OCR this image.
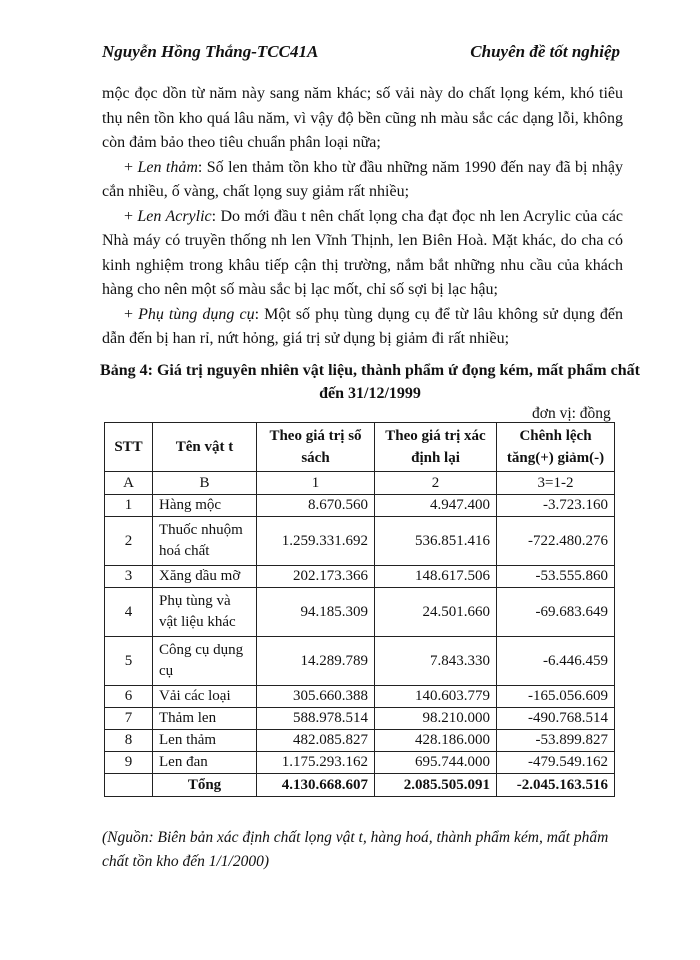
Nguyễn Hồng Thắng-TCC41A	Chuyên đề tốt nghiệp

mộc đọc dồn từ năm này sang năm khác; số vải này do chất lọng kém, khó tiêu thụ nên tồn kho quá lâu năm, vì vậy độ bền cũng nh màu sắc các dạng lỗi, không còn đảm bảo theo tiêu chuẩn phân loại nữa;

+ Len thảm: Số len thảm tồn kho từ đầu những năm 1990 đến nay đã bị nhậy cắn nhiều, ố vàng, chất lọng suy giảm rất nhiều;

+ Len Acrylic: Do mới đầu t nên chất lọng cha đạt đọc nh len Acrylic của các Nhà máy có truyền thống nh len Vĩnh Thịnh, len Biên Hoà. Mặt khác, do cha có kinh nghiệm trong khâu tiếp cận thị trường, nắm bắt những nhu cầu của khách hàng cho nên một số màu sắc bị lạc mốt, chỉ số sợi bị lạc hậu;

+ Phụ tùng dụng cụ: Một số phụ tùng dụng cụ để từ lâu không sử dụng đến dẫn đến bị han rỉ, nứt hỏng, giá trị sử dụng bị giảm đi rất nhiều;

Bảng 4: Giá trị nguyên nhiên vật liệu, thành phẩm ứ đọng kém, mất phẩm chất đến 31/12/1999
đơn vị: đồng
STT	Tên vật t	Theo giá trị sổ sách	Theo giá trị xác định lại	Chênh lệch tăng(+) giảm(-)
A	B	1	2	3=1-2
1	Hàng mộc	8.670.560	4.947.400	-3.723.160
2	Thuốc nhuộm hoá chất	1.259.331.692	536.851.416	-722.480.276
3	Xăng dầu mỡ	202.173.366	148.617.506	-53.555.860
4	Phụ tùng và vật liệu khác	94.185.309	24.501.660	-69.683.649
5	Công cụ dụng cụ	14.289.789	7.843.330	-6.446.459
6	Vải các loại	305.660.388	140.603.779	-165.056.609
7	Thảm len	588.978.514	98.210.000	-490.768.514
8	Len thảm	482.085.827	428.186.000	-53.899.827
9	Len đan	1.175.293.162	695.744.000	-479.549.162
	Tổng	4.130.668.607	2.085.505.091	-2.045.163.516
(Nguồn: Biên bản xác định chất lọng vật t, hàng hoá, thành phẩm kém, mất phẩm chất tồn kho đến 1/1/2000)
